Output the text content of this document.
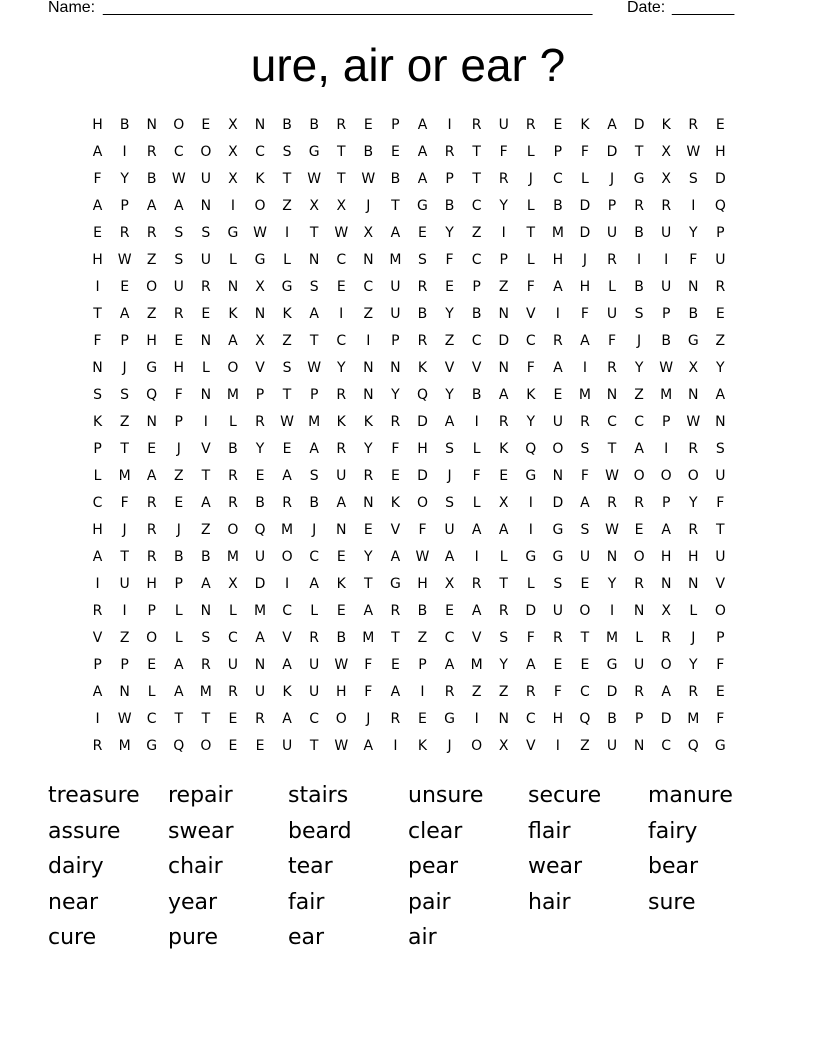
Name: _______________________________________________________ Date: _______
ure, air or ear ?
H	B	N	O	E	X	N	B	B	R	E	P	A	I	R	U	R	E	K	A	D	K	R	E
A	I	R	C	O	X	C	S	G	T	B	E	A	R	T	F	L	P	F	D	T	X	W	H
F	Y	B	W	U	X	K	T	W	T	W	B	A	P	T	R	J	C	L	J	G	X	S	D
A	P	A	A	N	I	O	Z	X	X	J	T	G	B	C	Y	L	B	D	P	R	R	I	Q
E	R	R	S	S	G	W	I	T	W	X	A	E	Y	Z	I	T	M	D	U	B	U	Y	P
H	W	Z	S	U	L	G	L	N	C	N	M	S	F	C	P	L	H	J	R	I	I	F	U
I	E	O	U	R	N	X	G	S	E	C	U	R	E	P	Z	F	A	H	L	B	U	N	R
T	A	Z	R	E	K	N	K	A	I	Z	U	B	Y	B	N	V	I	F	U	S	P	B	E
F	P	H	E	N	A	X	Z	T	C	I	P	R	Z	C	D	C	R	A	F	J	B	G	Z
N	J	G	H	L	O	V	S	W	Y	N	N	K	V	V	N	F	A	I	R	Y	W	X	Y
S	S	Q	F	N	M	P	T	P	R	N	Y	Q	Y	B	A	K	E	M	N	Z	M	N	A
K	Z	N	P	I	L	R	W	M	K	K	R	D	A	I	R	Y	U	R	C	C	P	W	N
P	T	E	J	V	B	Y	E	A	R	Y	F	H	S	L	K	Q	O	S	T	A	I	R	S
L	M	A	Z	T	R	E	A	S	U	R	E	D	J	F	E	G	N	F	W	O	O	O	U
C	F	R	E	A	R	B	R	B	A	N	K	O	S	L	X	I	D	A	R	R	P	Y	F
H	J	R	J	Z	O	Q	M	J	N	E	V	F	U	A	A	I	G	S	W	E	A	R	T
A	T	R	B	B	M	U	O	C	E	Y	A	W	A	I	L	G	G	U	N	O	H	H	U
I	U	H	P	A	X	D	I	A	K	T	G	H	X	R	T	L	S	E	Y	R	N	N	V
R	I	P	L	N	L	M	C	L	E	A	R	B	E	A	R	D	U	O	I	N	X	L	O
V	Z	O	L	S	C	A	V	R	B	M	T	Z	C	V	S	F	R	T	M	L	R	J	P
P	P	E	A	R	U	N	A	U	W	F	E	P	A	M	Y	A	E	E	G	U	O	Y	F
A	N	L	A	M	R	U	K	U	H	F	A	I	R	Z	Z	R	F	C	D	R	A	R	E
I	W	C	T	T	E	R	A	C	O	J	R	E	G	I	N	C	H	Q	B	P	D	M	F
R	M	G	Q	O	E	E	U	T	W	A	I	K	J	O	X	V	I	Z	U	N	C	Q	G
treasure	repair	stairs	unsure	secure	manure
assure	swear	beard	clear	flair	fairy
dairy	chair	tear	pear	wear	bear
near	year	fair	pair	hair	sure
cure	pure	ear	air
